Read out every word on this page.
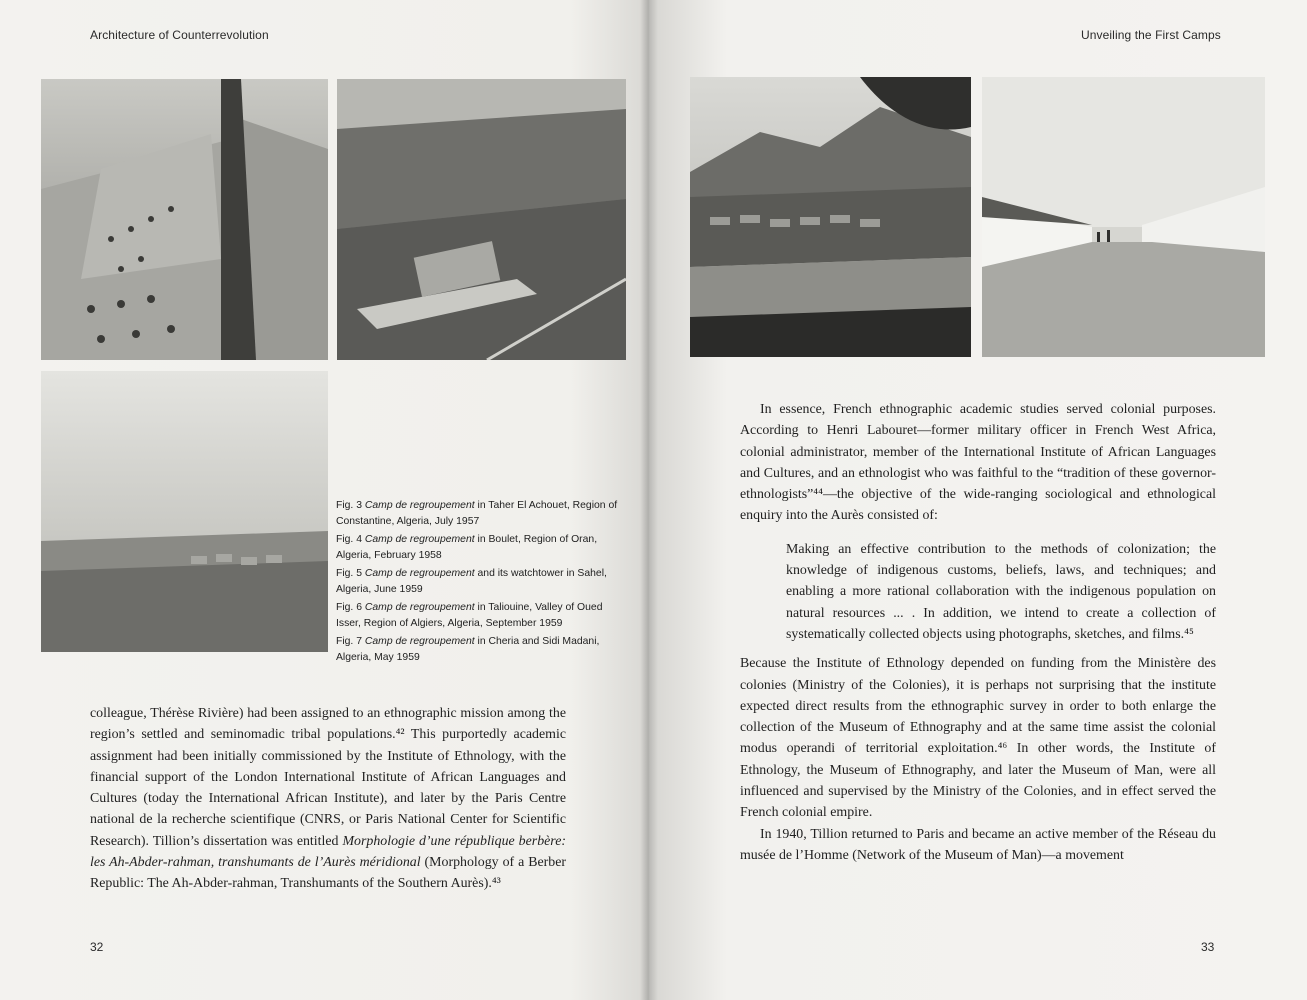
Architecture of Counterrevolution

Fig. 3 Camp de regroupement in Taher El Achouet, Region of Constantine, Algeria, July 1957

Fig. 4 Camp de regroupement in Boulet, Region of Oran, Algeria, February 1958

Fig. 5 Camp de regroupement and its watchtower in Sahel, Algeria, June 1959

Fig. 6 Camp de regroupement in Taliouine, Valley of Oued Isser, Region of Algiers, Algeria, September 1959

Fig. 7 Camp de regroupement in Cheria and Sidi Madani, Algeria, May 1959

colleague, Thérèse Rivière) had been assigned to an ethnographic mission among the region’s settled and seminomadic tribal populations.⁴² This purportedly academic assignment had been initially commissioned by the Institute of Ethnology, with the financial support of the London International Institute of African Languages and Cultures (today the International African Institute), and later by the Paris Centre national de la recherche scientifique (CNRS, or Paris National Center for Scientific Research). Tillion’s dissertation was entitled Morphologie d’une république berbère: les Ah-Abder-rahman, transhumants de l’Aurès méridional (Morphology of a Berber Republic: The Ah-Abder-rahman, Transhumants of the Southern Aurès).⁴³

32
Unveiling the First Camps

In essence, French ethnographic academic studies served colonial purposes. According to Henri Labouret—former military officer in French West Africa, colonial administrator, member of the International Institute of African Languages and Cultures, and an ethnologist who was faithful to the “tradition of these governor-ethnologists”⁴⁴—the objective of the wide-ranging sociological and ethnological enquiry into the Aurès consisted of:

Making an effective contribution to the methods of colonization; the knowledge of indigenous customs, beliefs, laws, and techniques; and enabling a more rational collaboration with the indigenous population on natural resources ... . In addition, we intend to create a collection of systematically collected objects using photographs, sketches, and films.⁴⁵

Because the Institute of Ethnology depended on funding from the Ministère des colonies (Ministry of the Colonies), it is perhaps not surprising that the institute expected direct results from the ethnographic survey in order to both enlarge the collection of the Museum of Ethnography and at the same time assist the colonial modus operandi of territorial exploitation.⁴⁶ In other words, the Institute of Ethnology, the Museum of Ethnography, and later the Museum of Man, were all influenced and supervised by the Ministry of the Colonies, and in effect served the French colonial empire.

In 1940, Tillion returned to Paris and became an active member of the Réseau du musée de l’Homme (Network of the Museum of Man)—a movement

33
